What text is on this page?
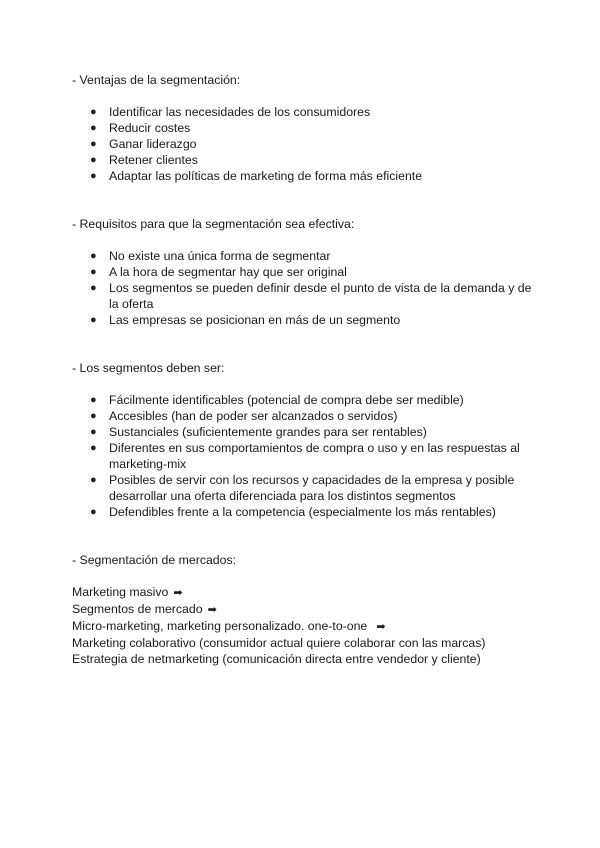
- Ventajas de la segmentación:
● Identificar las necesidades de los consumidores
● Reducir costes
● Ganar liderazgo
● Retener clientes
● Adaptar las políticas de marketing de forma más eficiente
- Requisitos para que la segmentación sea efectiva:
● No existe una única forma de segmentar
● A la hora de segmentar hay que ser original
● Los segmentos se pueden definir desde el punto de vista de la demanda y de la oferta
● Las empresas se posicionan en más de un segmento
- Los segmentos deben ser:
● Fácilmente identificables (potencial de compra debe ser medible)
● Accesibles (han de poder ser alcanzados o servidos)
● Sustanciales (suficientemente grandes para ser rentables)
● Diferentes en sus comportamientos de compra o uso y en las respuestas al marketing-mix
● Posibles de servir con los recursos y capacidades de la empresa y posible desarrollar una oferta diferenciada para los distintos segmentos
● Defendibles frente a la competencia (especialmente los más rentables)
- Segmentación de mercados:
Marketing masivo ➡
Segmentos de mercado ➡
Micro-marketing, marketing personalizado. one-to-one ➡
Marketing colaborativo (consumidor actual quiere colaborar con las marcas)
Estrategia de netmarketing (comunicación directa entre vendedor y cliente)
